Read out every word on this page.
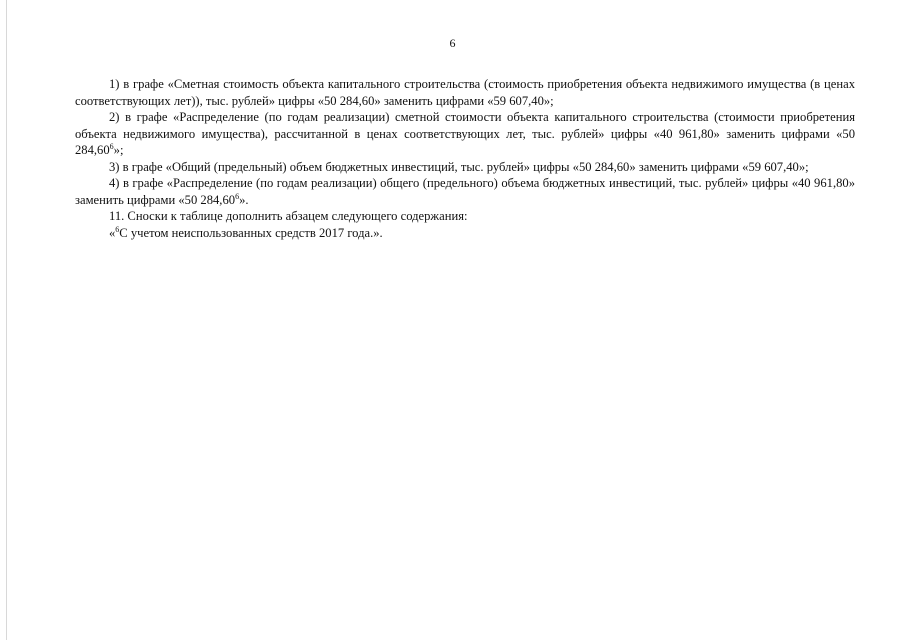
6

1) в графе «Сметная стоимость объекта капитального строительства (стоимость приобретения объекта недвижимого имущества (в ценах соответствующих лет)), тыс. рублей» цифры «50 284,60» заменить цифрами «59 607,40»;

2) в графе «Распределение (по годам реализации) сметной стоимости объекта капитального строительства (стоимости приобретения объекта недвижимого имущества), рассчитанной в ценах соответствующих лет, тыс. рублей» цифры «40 961,80» заменить цифрами «50 284,60$^6$»;

3) в графе «Общий (предельный) объем бюджетных инвестиций, тыс. рублей» цифры «50 284,60» заменить цифрами «59 607,40»;

4) в графе «Распределение (по годам реализации) общего (предельного) объема бюджетных инвестиций, тыс. рублей» цифры «40 961,80» заменить цифрами «50 284,60$^6$».

11. Сноски к таблице дополнить абзацем следующего содержания:

«$^6$С учетом неиспользованных средств 2017 года.».
